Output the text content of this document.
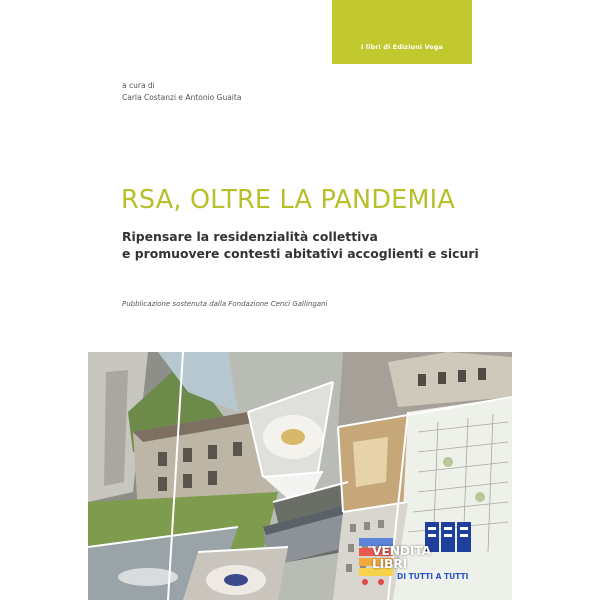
I libri di Edizioni Vega
a cura di
Carla Costanzi e Antonio Guaita
RSA, OLTRE LA PANDEMIA
Ripensare la residenzialità collettiva
e promuovere contesti abitativi accoglienti e sicuri
Pubblicazione sostenuta dalla Fondazione Cenci Gallingani
VENDITA
LIBRI
DI TUTTI A TUTTI
